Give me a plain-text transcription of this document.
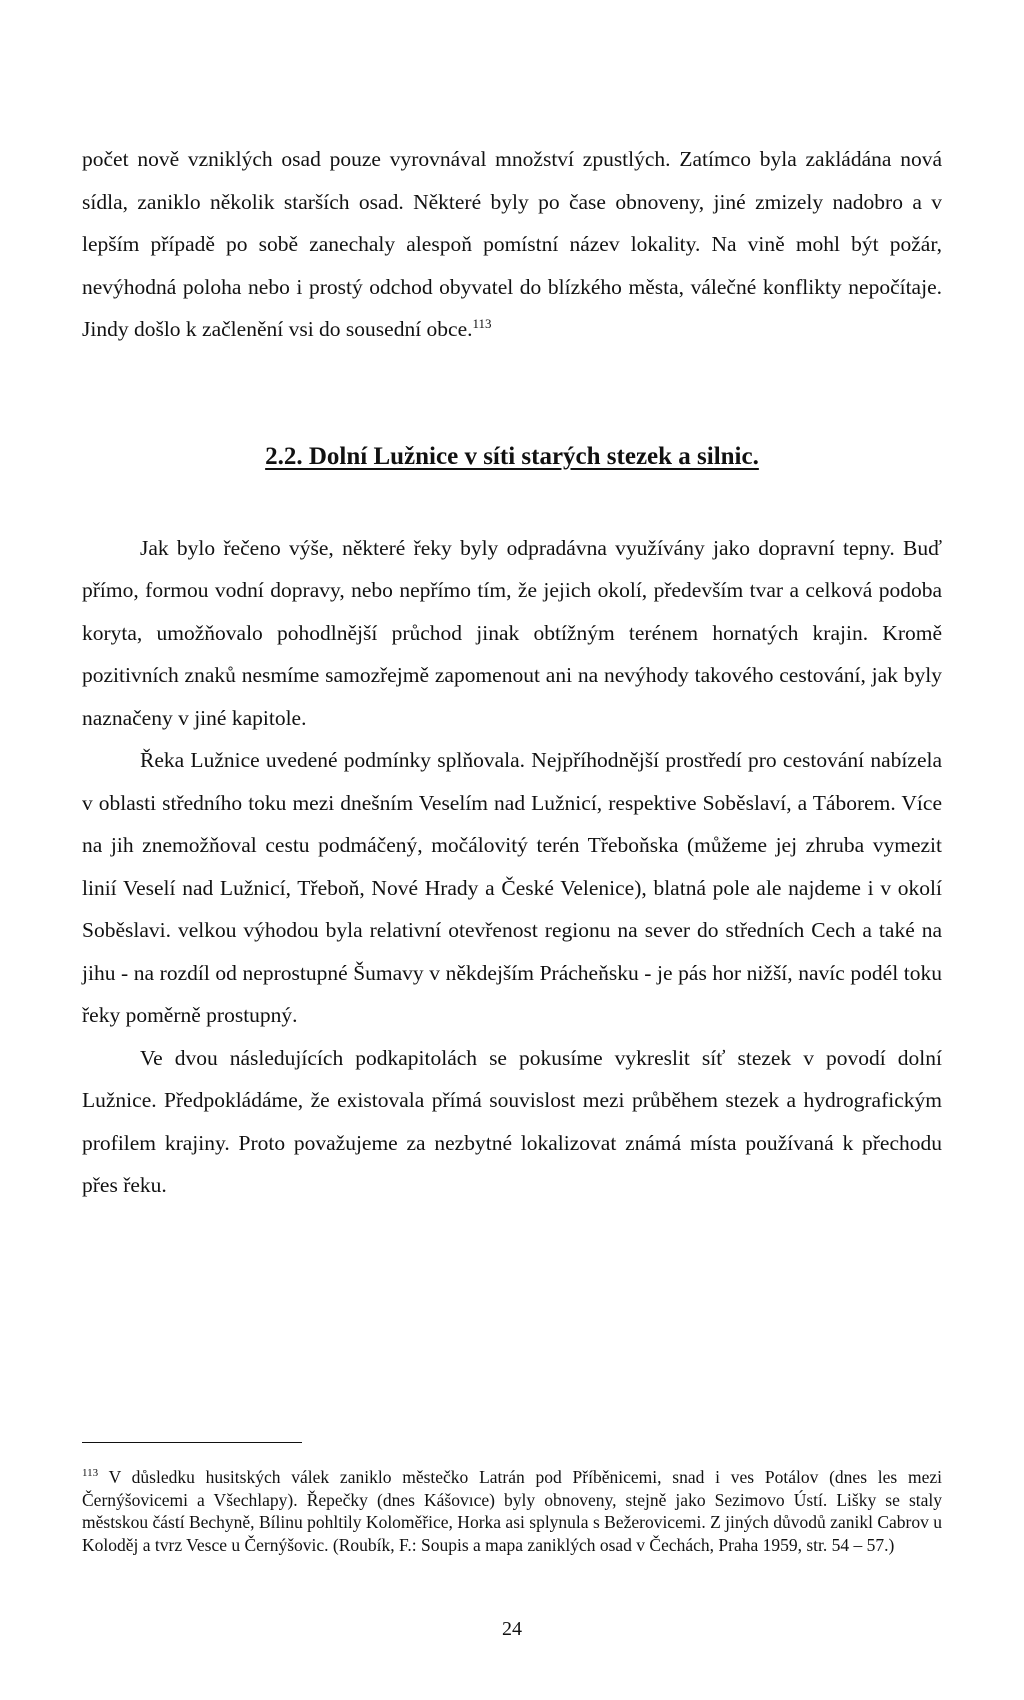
počet nově vzniklých osad pouze vyrovnával množství zpustlých. Zatímco byla zakládána nová sídla, zaniklo několik starších osad. Některé byly po čase obnoveny, jiné zmizely nadobro a v lepším případě po sobě zanechaly alespoň pomístní název lokality. Na vině mohl být požár, nevýhodná poloha nebo i prostý odchod obyvatel do blízkého města, válečné konflikty nepočítaje. Jindy došlo k začlenění vsi do sousední obce.$^{113}$

2.2. Dolní Lužnice v síti starých stezek a silnic.

Jak bylo řečeno výše, některé řeky byly odpradávna využívány jako dopravní tepny. Buď přímo, formou vodní dopravy, nebo nepřímo tím, že jejich okolí, především tvar a celková podoba koryta, umožňovalo pohodlnější průchod jinak obtížným terénem hornatých krajin. Kromě pozitivních znaků nesmíme samozřejmě zapomenout ani na nevýhody takového cestování, jak byly naznačeny v jiné kapitole.

Řeka Lužnice uvedené podmínky splňovala. Nejpříhodnější prostředí pro cestování nabízela v oblasti středního toku mezi dnešním Veselím nad Lužnicí, respektive Soběslaví, a Táborem. Více na jih znemožňoval cestu podmáčený, močálovitý terén Třeboňska (můžeme jej zhruba vymezit linií Veselí nad Lužnicí, Třeboň, Nové Hrady a České Velenice), blatná pole ale najdeme i v okolí Soběslavi. velkou výhodou byla relativní otevřenost regionu na sever do středních Cech a také na jihu - na rozdíl od neprostupné Šumavy v někdejším Prácheňsku - je pás hor nižší, navíc podél toku řeky poměrně prostupný.

Ve dvou následujících podkapitolách se pokusíme vykreslit síť stezek v povodí dolní Lužnice. Předpokládáme, že existovala přímá souvislost mezi průběhem stezek a hydrografickým profilem krajiny. Proto považujeme za nezbytné lokalizovat známá místa používaná k přechodu přes řeku.

$^{113}$ V důsledku husitských válek zaniklo městečko Latrán pod Příběnicemi, snad i ves Potálov (dnes les mezi Černýšovicemi a Všechlapy). Řepečky (dnes Kášovıce) byly obnoveny, stejně jako Sezimovo Ústí. Lišky se staly městskou částí Bechyně, Bílinu pohltily Koloměřice, Horka asi splynula s Bežerovicemi. Z jiných důvodů zanikl Cabrov u Koloděj a tvrz Vesce u Černýšovic. (Roubík, F.: Soupis a mapa zaniklých osad v Čechách, Praha 1959, str. 54 – 57.)

24
